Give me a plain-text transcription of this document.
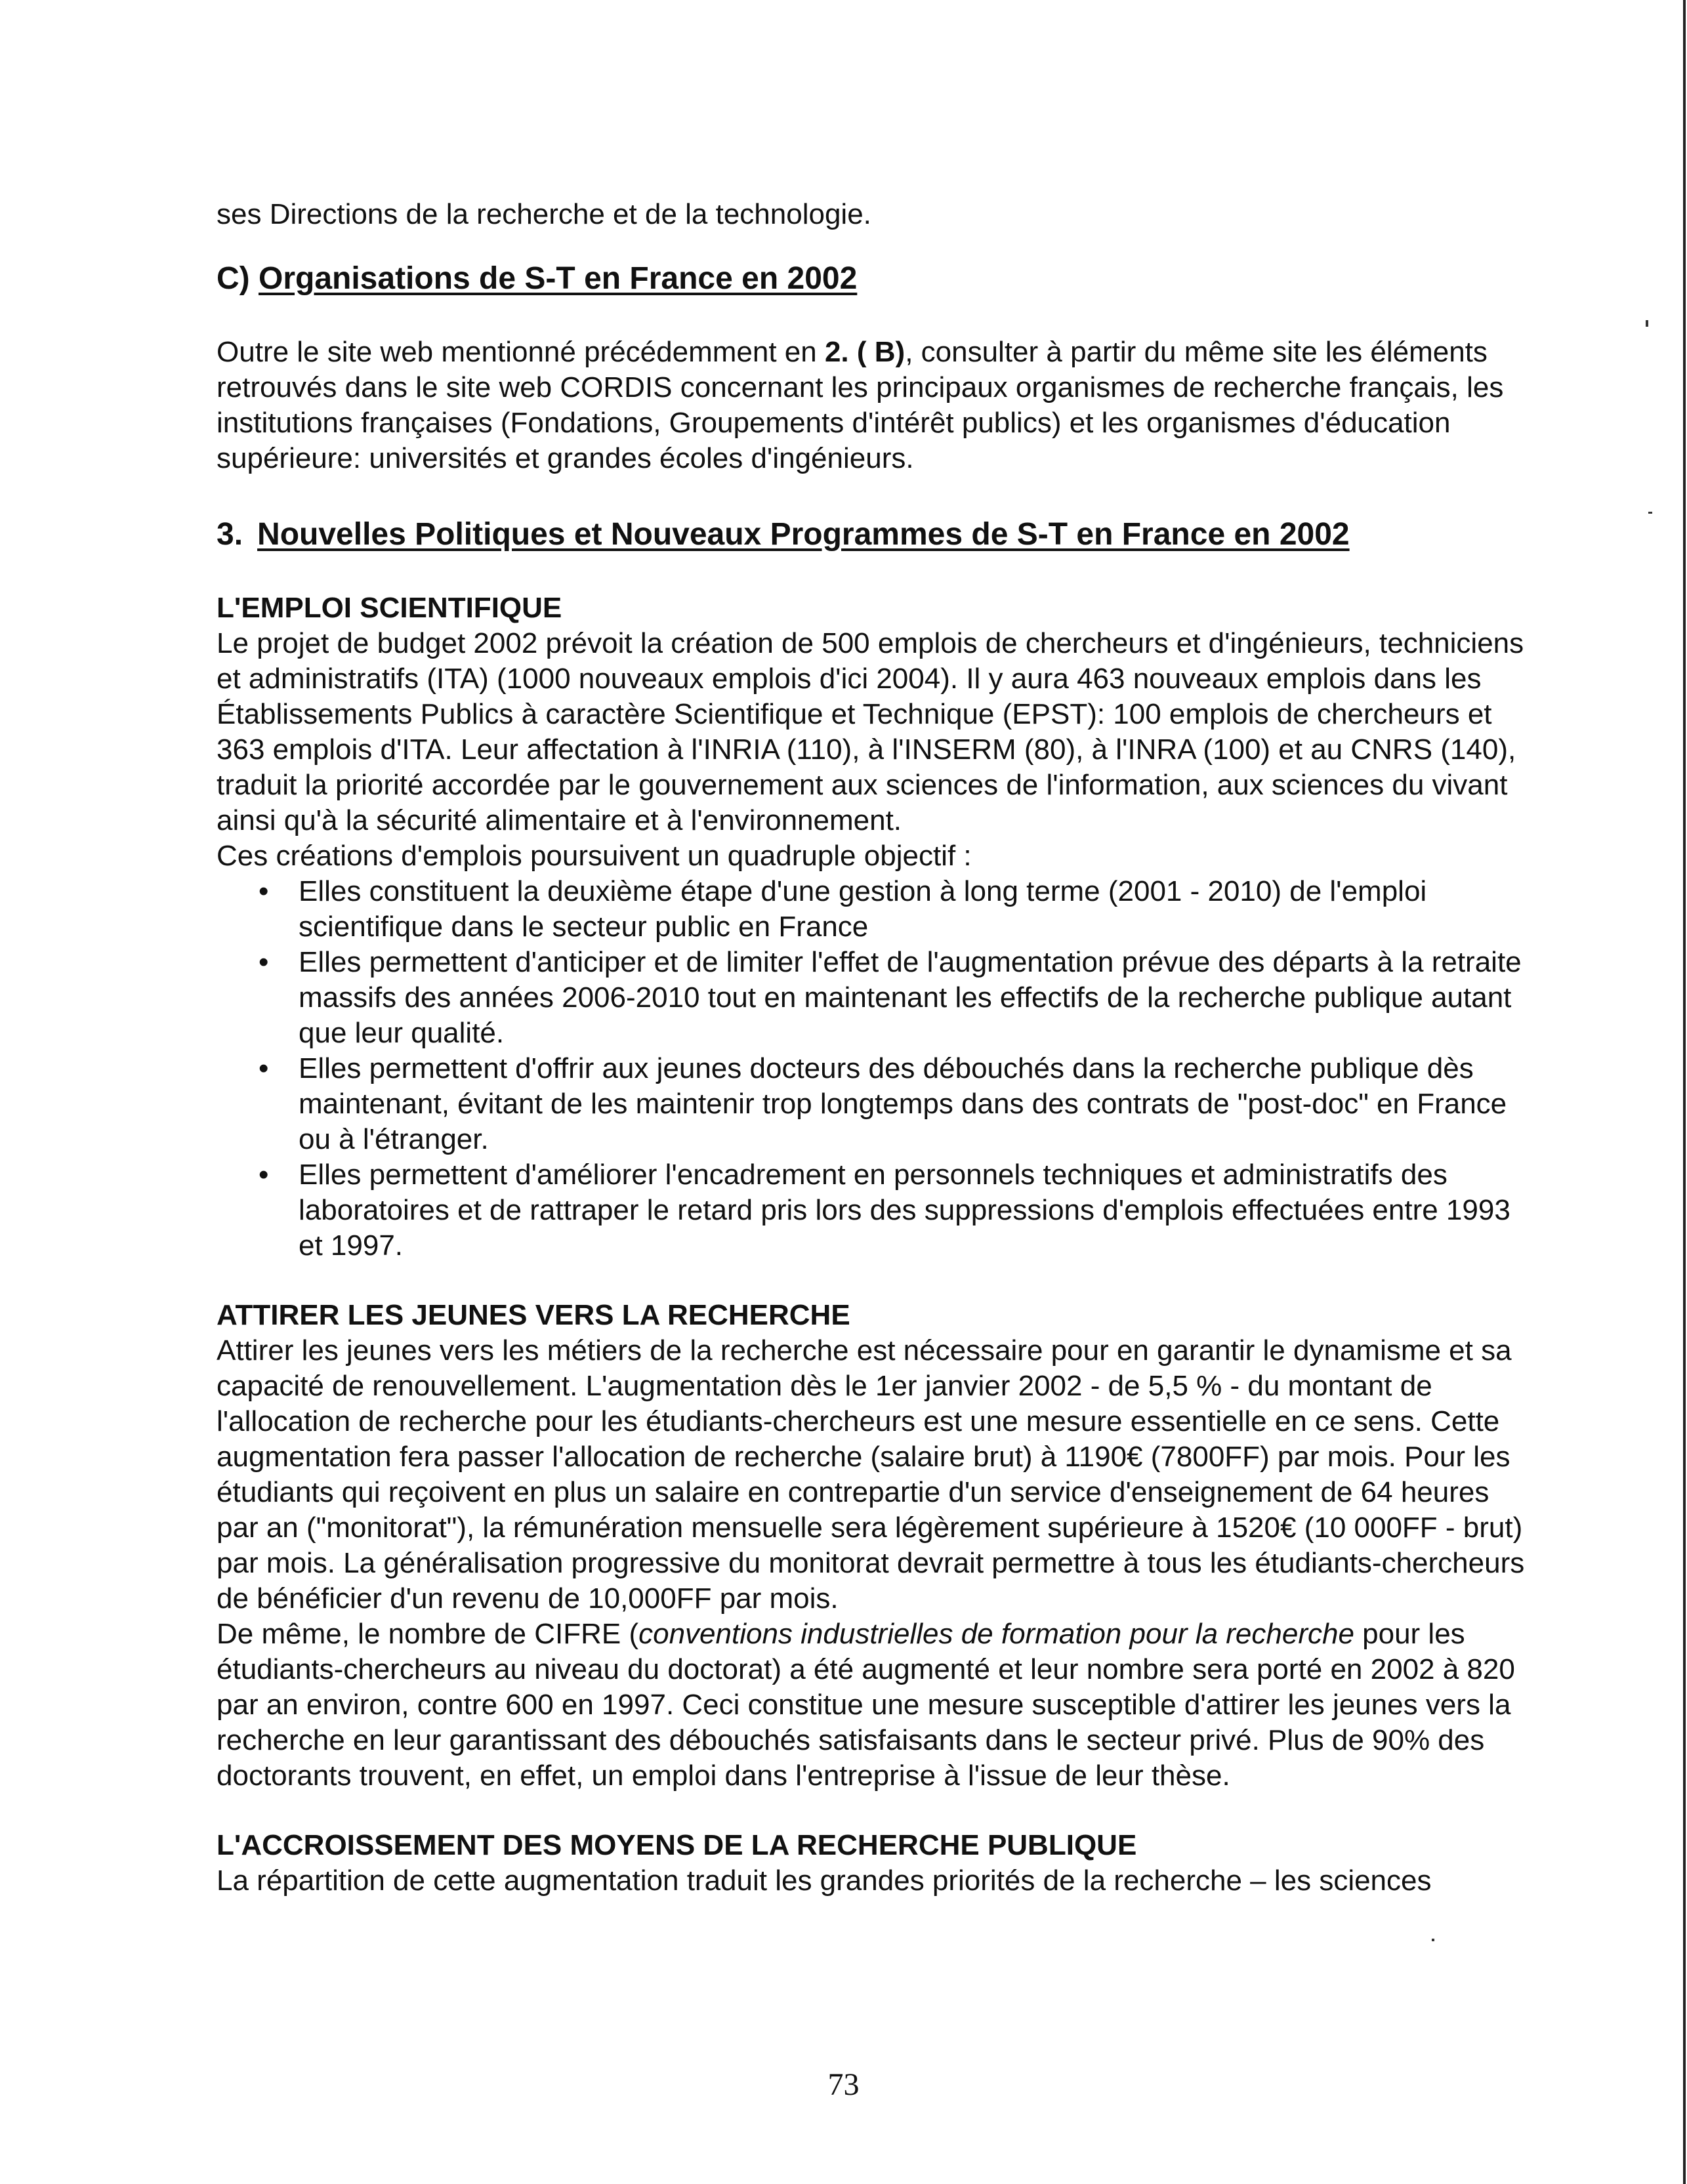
ses Directions de la recherche et de la technologie.

C) Organisations de S-T en France en 2002

Outre le site web mentionné précédemment en 2. ( B), consulter à partir du même site les éléments retrouvés dans le site web CORDIS concernant les principaux organismes de recherche français, les institutions françaises (Fondations, Groupements d'intérêt publics) et les organismes d'éducation supérieure: universités et grandes écoles d'ingénieurs.

3. Nouvelles Politiques et Nouveaux Programmes de S-T en France en 2002
L'EMPLOI SCIENTIFIQUE

Le projet de budget 2002 prévoit la création de 500 emplois de chercheurs et d'ingénieurs, techniciens et administratifs (ITA) (1000 nouveaux emplois d'ici 2004). Il y aura 463 nouveaux emplois dans les Établissements Publics à caractère Scientifique et Technique (EPST): 100 emplois de chercheurs et 363 emplois d'ITA. Leur affectation à l'INRIA (110), à l'INSERM (80), à l'INRA (100) et au CNRS (140), traduit la priorité accordée par le gouvernement aux sciences de l'information, aux sciences du vivant ainsi qu'à la sécurité alimentaire et à l'environnement.

Ces créations d'emplois poursuivent un quadruple objectif :

• Elles constituent la deuxième étape d'une gestion à long terme (2001 - 2010) de l'emploi scientifique dans le secteur public en France
• Elles permettent d'anticiper et de limiter l'effet de l'augmentation prévue des départs à la retraite massifs des années 2006-2010 tout en maintenant les effectifs de la recherche publique autant que leur qualité.
• Elles permettent d'offrir aux jeunes docteurs des débouchés dans la recherche publique dès maintenant, évitant de les maintenir trop longtemps dans des contrats de "post-doc" en France ou à l'étranger.
• Elles permettent d'améliorer l'encadrement en personnels techniques et administratifs des laboratoires et de rattraper le retard pris lors des suppressions d'emplois effectuées entre 1993 et 1997.
ATTIRER LES JEUNES VERS LA RECHERCHE

Attirer les jeunes vers les métiers de la recherche est nécessaire pour en garantir le dynamisme et sa capacité de renouvellement. L'augmentation dès le 1er janvier 2002 - de 5,5 % - du montant de l'allocation de recherche pour les étudiants-chercheurs est une mesure essentielle en ce sens. Cette augmentation fera passer l'allocation de recherche (salaire brut) à 1190€ (7800FF) par mois. Pour les étudiants qui reçoivent en plus un salaire en contrepartie d'un service d'enseignement de 64 heures par an ("monitorat"), la rémunération mensuelle sera légèrement supérieure à 1520€ (10 000FF - brut) par mois. La généralisation progressive du monitorat devrait permettre à tous les étudiants-chercheurs de bénéficier d'un revenu de 10,000FF par mois.

De même, le nombre de CIFRE (conventions industrielles de formation pour la recherche pour les étudiants-chercheurs au niveau du doctorat) a été augmenté et leur nombre sera porté en 2002 à 820 par an environ, contre 600 en 1997. Ceci constitue une mesure susceptible d'attirer les jeunes vers la recherche en leur garantissant des débouchés satisfaisants dans le secteur privé. Plus de 90% des doctorants trouvent, en effet, un emploi dans l'entreprise à l'issue de leur thèse.

L'ACCROISSEMENT DES MOYENS DE LA RECHERCHE PUBLIQUE

La répartition de cette augmentation traduit les grandes priorités de la recherche – les sciences

73
